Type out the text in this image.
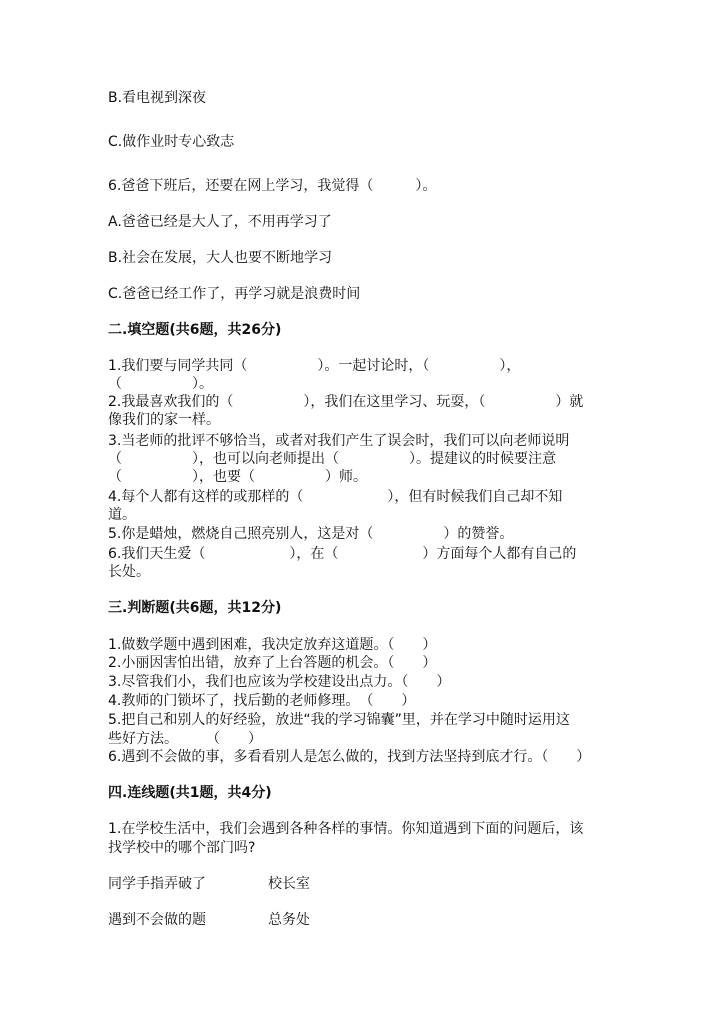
B.看电视到深夜
C.做作业时专心致志
6.爸爸下班后，还要在网上学习，我觉得（　　　）。
A.爸爸已经是大人了，不用再学习了
B.社会在发展，大人也要不断地学习
C.爸爸已经工作了，再学习就是浪费时间
二.填空题(共6题，共26分)
1.我们要与同学共同（　　　　　）。一起讨论时，（　　　　　），
（　　　　　）。
2.我最喜欢我们的（　　　　　），我们在这里学习、玩耍，（　　　　　）就
像我们的家一样。
3.当老师的批评不够恰当，或者对我们产生了误会时，我们可以向老师说明
（　　　　　），也可以向老师提出（　　　　　）。提建议的时候要注意
（　　　　　），也要（　　　　　）师。
4.每个人都有这样的或那样的（　　　　　　），但有时候我们自己却不知
道。
5.你是蜡烛，燃烧自己照亮别人，这是对（　　　　　）的赞誉。
6.我们天生爱（　　　　　　），在（　　　　　　）方面每个人都有自己的
长处。
三.判断题(共6题，共12分)
1.做数学题中遇到困难，我决定放弃这道题。（　　）
2.小丽因害怕出错，放弃了上台答题的机会。（　　）
3.尽管我们小，我们也应该为学校建设出点力。（　　）
4.教师的门锁坏了，找后勤的老师修理。　（　　）
5.把自己和别人的好经验，放进“我的学习锦囊”里，并在学习中随时运用这
些好方法。　　　（　　）
6.遇到不会做的事，多看看别人是怎么做的，找到方法坚持到底才行。（　　）
四.连线题(共1题，共4分)
1.在学校生活中，我们会遇到各种各样的事情。你知道遇到下面的问题后，该
找学校中的哪个部门吗?
同学手指弄破了	校长室
遇到不会做的题	总务处
